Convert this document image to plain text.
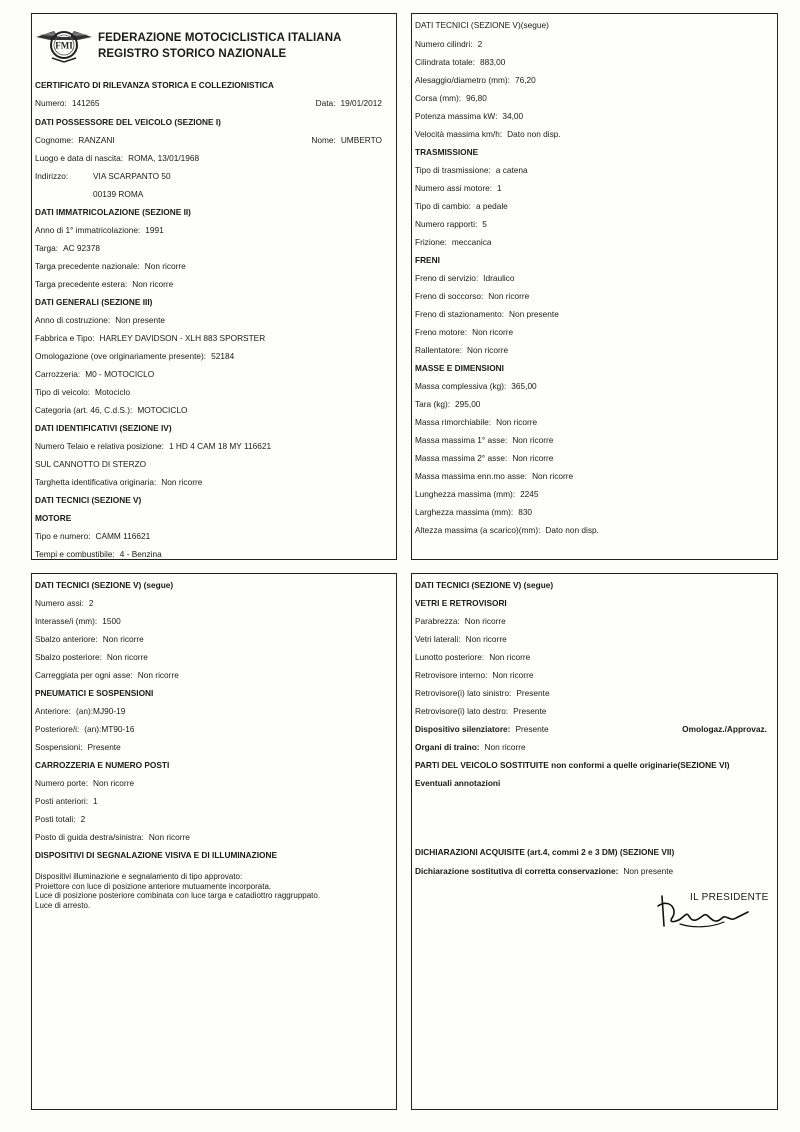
FMI
FEDERAZIONE MOTOCICLISTICA ITALIANA
REGISTRO STORICO NAZIONALE
CERTIFICATO DI RILEVANZA STORICA E COLLEZIONISTICA
Numero: 141265	Data: 19/01/2012
DATI POSSESSORE DEL VEICOLO (SEZIONE I)
Cognome: RANZANI	Nome: UMBERTO
Luogo e data di nascita: ROMA, 13/01/1968
Indirizzo:	VIA SCARPANTO 50
00139 ROMA
DATI IMMATRICOLAZIONE (SEZIONE II)
Anno di 1° immatricolazione: 1991
Targa: AC 92378
Targa precedente nazionale: Non ricorre
Targa precedente estera: Non ricorre
DATI GENERALI (SEZIONE III)
Anno di costruzione: Non presente
Fabbrica e Tipo: HARLEY DAVIDSON - XLH 883 SPORSTER
Omologazione (ove originariamente presente): 52184
Carrozzeria: M0 - MOTOCICLO
Tipo di veicolo: Motociclo
Categoria (art. 46, C.d.S.): MOTOCICLO
DATI IDENTIFICATIVI (SEZIONE IV)
Numero Telaio e relativa posizione: 1 HD 4 CAM 18 MY 116621
SUL CANNOTTO DI STERZO
Targhetta identificativa originaria: Non ricorre
DATI TECNICI (SEZIONE V)
MOTORE
Tipo e numero: CAMM 116621
Tempi e combustibile: 4 - Benzina
DATI TECNICI (SEZIONE V)(segue)
Numero cilindri: 2
Cilindrata totale: 883,00
Alesaggio/diametro (mm): 76,20
Corsa (mm): 96,80
Potenza massima kW: 34,00
Velocità massima km/h: Dato non disp.
TRASMISSIONE
Tipo di trasmissione: a catena
Numero assi motore: 1
Tipo di cambio: a pedale
Numero rapporti: 5
Frizione: meccanica
FRENI
Freno di servizio: Idraulico
Freno di soccorso: Non ricorre
Freno di stazionamento: Non presente
Freno motore: Non ricorre
Rallentatore: Non ricorre
MASSE E DIMENSIONI
Massa complessiva (kg): 365,00
Tara (kg): 295,00
Massa rimorchiabile: Non ricorre
Massa massima 1° asse: Non ricorre
Massa massima 2° asse: Non ricorre
Massa massima enn.mo asse: Non ricorre
Lunghezza massima (mm): 2245
Larghezza massima (mm): 830
Altezza massima (a scarico)(mm): Dato non disp.
DATI TECNICI (SEZIONE V) (segue)
Numero assi: 2
Interasse/i (mm): 1500
Sbalzo anteriore: Non ricorre
Sbalzo posteriore: Non ricorre
Carreggiata per ogni asse: Non ricorre
PNEUMATICI E SOSPENSIONI
Anteriore: (an):MJ90-19
Posteriore/i: (an):MT90-16
Sospensioni: Presente
CARROZZERIA E NUMERO POSTI
Numero porte: Non ricorre
Posti anteriori: 1
Posti totali: 2
Posto di guida destra/sinistra: Non ricorre
DISPOSITIVI DI SEGNALAZIONE VISIVA E DI ILLUMINAZIONE
Dispositivi illuminazione e segnalamento di tipo approvato:
Proiettore con luce di posizione anteriore mutuamente incorporata.
Luce di posizione posteriore combinata con luce targa e catadiottro raggruppato.
Luce di arresto.
DATI TECNICI (SEZIONE V) (segue)
VETRI E RETROVISORI
Dispositivo silenziatore: Presente	Omologaz./Approvaz.
Organi di traino: Non ricorre
PARTI DEL VEICOLO SOSTITUITE non conformi a quelle originarie(SEZIONE VI)
Eventuali annotazioni
DICHIARAZIONI ACQUISITE (art.4, commi 2 e 3 DM) (SEZIONE VII)
Dichiarazione sostitutiva di corretta conservazione: Non presente
Parabrezza: Non ricorre
Vetri laterali: Non ricorre
Lunotto posteriore: Non ricorre
Retrovisore interno: Non ricorre
Retrovisore(i) lato sinistro: Presente
Retrovisore(i) lato destro: Presente
IL PRESIDENTE
